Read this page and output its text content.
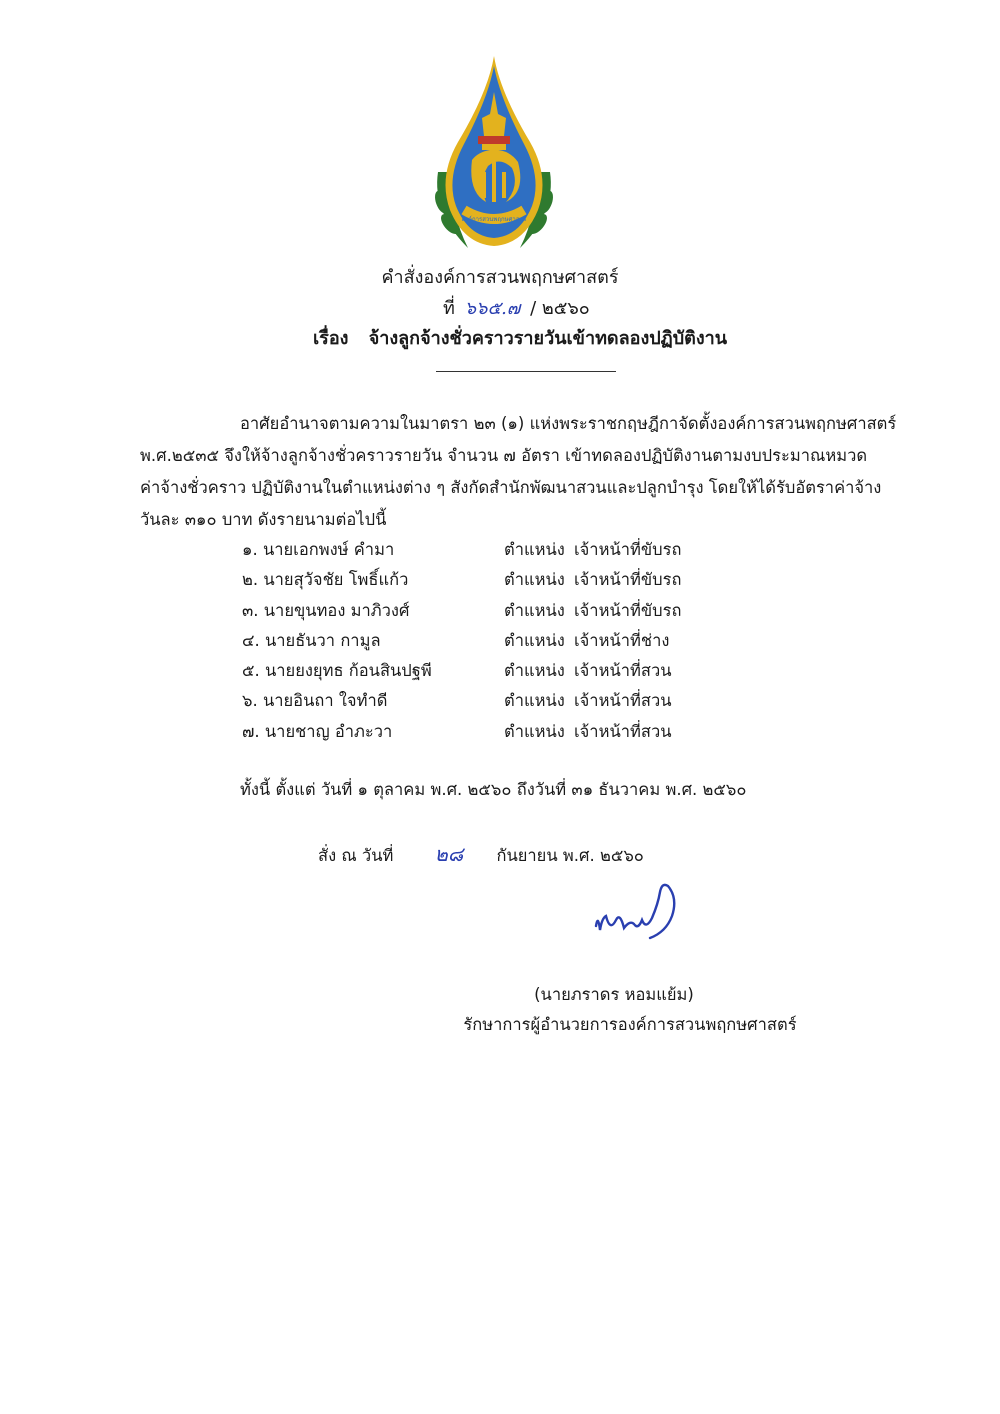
องค์การสวนพฤกษศาสตร์
คำสั่งองค์การสวนพฤกษศาสตร์
ที่ ๖๖๕.๗ / ๒๕๖๐
เรื่อง จ้างลูกจ้างชั่วคราวรายวันเข้าทดลองปฏิบัติงาน
อาศัยอำนาจตามความในมาตรา ๒๓ (๑) แห่งพระราชกฤษฎีกาจัดตั้งองค์การสวนพฤกษศาสตร์
พ.ศ.๒๕๓๕ จึงให้จ้างลูกจ้างชั่วคราวรายวัน จำนวน ๗ อัตรา เข้าทดลองปฏิบัติงานตามงบประมาณหมวด
ค่าจ้างชั่วคราว ปฏิบัติงานในตำแหน่งต่าง ๆ สังกัดสำนักพัฒนาสวนและปลูกบำรุง โดยให้ได้รับอัตราค่าจ้าง
วันละ ๓๑๐ บาท ดังรายนามต่อไปนี้
๑. นายเอกพงษ์ คำมา	ตำแหน่ง เจ้าหน้าที่ขับรถ
๒. นายสุวัจชัย โพธิ์แก้ว	ตำแหน่ง เจ้าหน้าที่ขับรถ
๓. นายขุนทอง มาภิวงศ์	ตำแหน่ง เจ้าหน้าที่ขับรถ
๔. นายธันวา กามูล	ตำแหน่ง เจ้าหน้าที่ช่าง
๕. นายยงยุทธ ก้อนสินปฐพี	ตำแหน่ง เจ้าหน้าที่สวน
๖. นายอินถา ใจทำดี	ตำแหน่ง เจ้าหน้าที่สวน
๗. นายชาญ อำภะวา	ตำแหน่ง เจ้าหน้าที่สวน
ทั้งนี้ ตั้งแต่ วันที่ ๑ ตุลาคม พ.ศ. ๒๕๖๐ ถึงวันที่ ๓๑ ธันวาคม พ.ศ. ๒๕๖๐
สั่ง ณ วันที่ ๒๘ กันยายน พ.ศ. ๒๕๖๐
(นายภราดร หอมแย้ม)
รักษาการผู้อำนวยการองค์การสวนพฤกษศาสตร์
